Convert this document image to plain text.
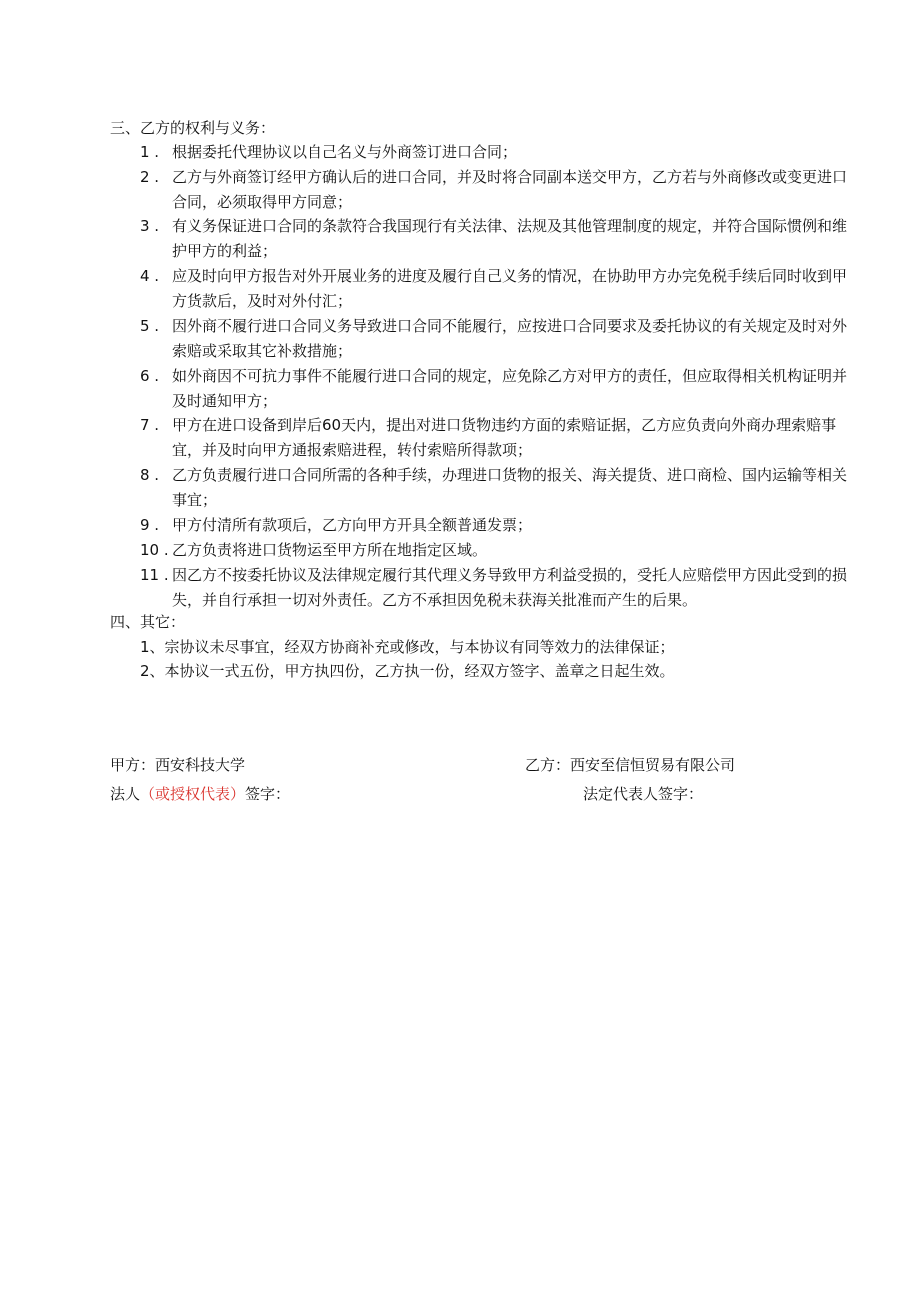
三、乙方的权利与义务：
1 . 根据委托代理协议以自己名义与外商签订进口合同；
2 . 乙方与外商签订经甲方确认后的进口合同，并及时将合同副本送交甲方，乙方若与外商修改或变更进口合同，必须取得甲方同意；
3 . 有义务保证进口合同的条款符合我国现行有关法律、法规及其他管理制度的规定，并符合国际惯例和维护甲方的利益；
4 . 应及时向甲方报告对外开展业务的进度及履行自己义务的情况，在协助甲方办完免税手续后同时收到甲方货款后，及时对外付汇；
5 . 因外商不履行进口合同义务导致进口合同不能履行，应按进口合同要求及委托协议的有关规定及时对外索赔或采取其它补救措施；
6 . 如外商因不可抗力事件不能履行进口合同的规定，应免除乙方对甲方的责任，但应取得相关机构证明并及时通知甲方；
7 . 甲方在进口设备到岸后60天内，提出对进口货物违约方面的索赔证据，乙方应负责向外商办理索赔事宜，并及时向甲方通报索赔进程，转付索赔所得款项；
8 . 乙方负责履行进口合同所需的各种手续，办理进口货物的报关、海关提货、进口商检、国内运输等相关事宜；
9 . 甲方付清所有款项后，乙方向甲方开具全额普通发票；
10 . 乙方负责将进口货物运至甲方所在地指定区域。
11 . 因乙方不按委托协议及法律规定履行其代理义务导致甲方利益受损的，受托人应赔偿甲方因此受到的损失，并自行承担一切对外责任。乙方不承担因免税未获海关批准而产生的后果。
四、其它：
1、宗协议未尽事宜，经双方协商补充或修改，与本协议有同等效力的法律保证；
2、本协议一式五份，甲方执四份，乙方执一份，经双方签字、盖章之日起生效。
甲方：西安科技大学	乙方：西安至信恒贸易有限公司
法人（或授权代表）签字：	法定代表人签字：
